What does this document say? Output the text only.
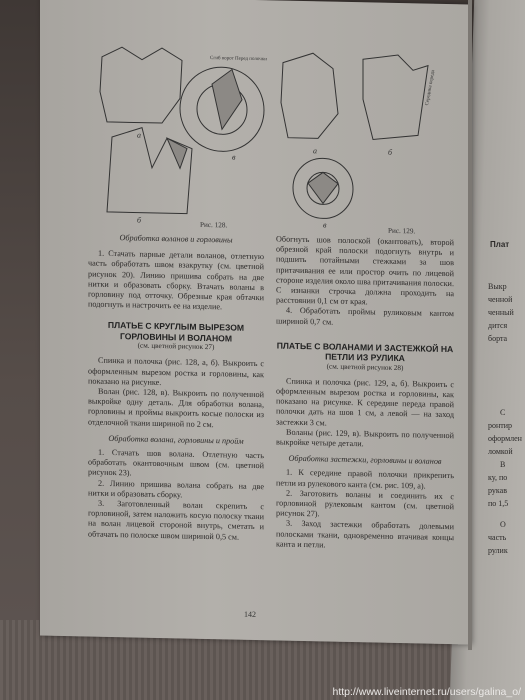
а
б
в
Сгиб ворот Перед полочки
Рис. 128.
а	б
в
Середина переда
Рис. 129.
Обработка воланов и горловины
1. Стачать парные детали воланов, отлетную часть обработать швом взакрутку (см. цветной рисунок 20). Линию пришива собрать на две нитки и образовать сборку. Втачать воланы в горловину под отточку. Обрезные края обтачки подогнуть и настрочить ее на изделие.
ПЛАТЬЕ С КРУГЛЫМ ВЫРЕЗОМ ГОРЛОВИНЫ И ВОЛАНОМ
(см. цветной рисунок 27)
Спинка и полочка (рис. 128, а, б). Выкроить с оформленным вырезом ростка и горловины, как показано на рисунке.
Волан (рис. 128, в). Выкроить по полученной выкройке одну деталь. Для обработки волана, горловины и проймы выкроить косые полоски из отделочной ткани шириной по 2 см.
Обработка волана, горловины и пройм
1. Стачать шов волана. Отлетную часть обработать окантовочным швом (см. цветной рисунок 23).
2. Линию пришива волана собрать на две нитки и образовать сборку.
3. Заготовленный волан скрепить с горловиной, затем наложить косую полоску ткани на волан лицевой стороной внутрь, сметать и обтачать по полоске швом шириной 0,5 см.
Обогнуть шов полоской (окантовать), второй обрезной край полоски подогнуть внутрь и подшить потайными стежками за шов притачивания ее или простор очить по лицевой стороне изделия около шва притачивания полоски. С изнанки строчка должна проходить на расстоянии 0,1 см от края.
4. Обработать проймы руликовым кантом шириной 0,7 см.
ПЛАТЬЕ С ВОЛАНАМИ И ЗАСТЕЖКОЙ НА ПЕТЛИ ИЗ РУЛИКА
(см. цветной рисунок 28)
Спинка и полочка (рис. 129, а, б). Выкроить с оформленным вырезом ростка и горловины, как показано на рисунке. К середине переда правой полочки дать на шов 1 см, а левой — на заход застежки 3 см.
Воланы (рис. 129, в). Выкроить по полученной выкройке четыре детали.
Обработка застежки, горловины и воланов
1. К середине правой полочки прикрепить петли из рулекового канта (см. рис. 109, а).
2. Заготовить воланы и соединить их с горловиной рулековым кантом (см. цветной рисунок 27).
3. Заход застежки обработать долевыми полосками ткани, одновременно втачивая концы канта и петли.
142
Плат
Выкр
ченной
ченный
дится
борта
С
ронтир
оформлен
ломкой
В
ку, по
рукав
по 1,5
О
часть
рулик
http://www.liveinternet.ru/users/galina_o/
